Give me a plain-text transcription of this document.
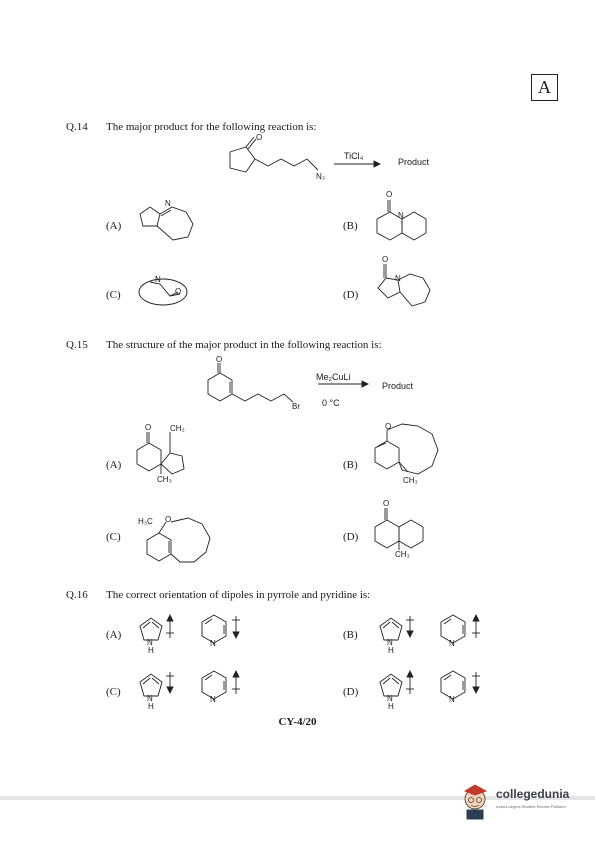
A
Q.14 The major product for the following reaction is:
O
N₃
TiCl₄
Product
(A)	(B)
(C)	(D)
N
O
N
N
O
O
N
Q.15 The structure of the major product in the following reaction is:
O
Br
Me₂CuLi
0 °C
Product
(A)	(B)
(C)	(D)
O CH₃
CH₃
O
CH₃
H₃C O
O
CH₃
Q.16 The correct orientation of dipoles in pyrrole and pyridine is:
(A)	(B)
(C)	(D)
N
H
N	N
H
N
N
H
N	N
H
N
CY-4/20
collegedunia
India's largest Student Review Platform
